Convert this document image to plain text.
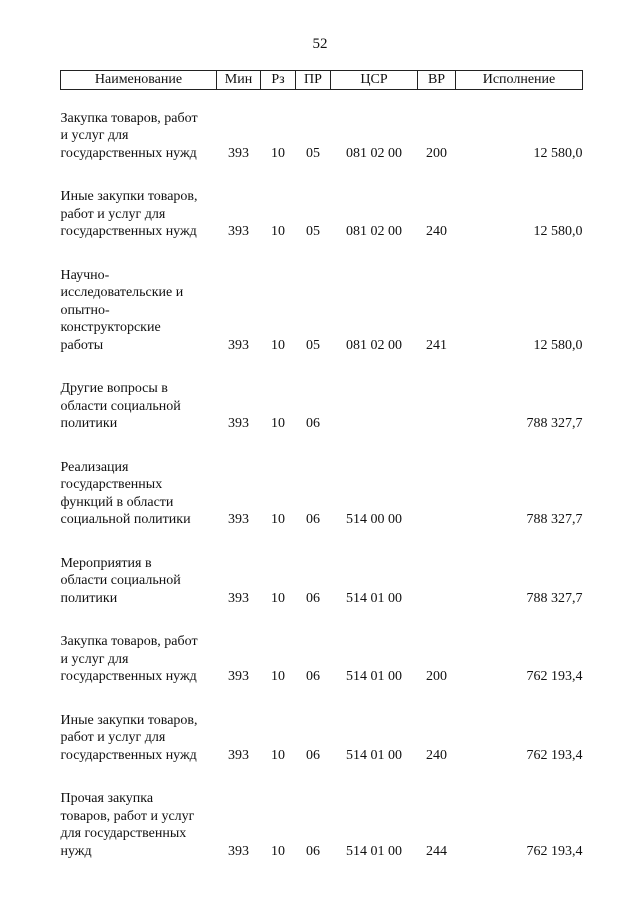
52
Наименование	Мин	Рз	ПР	ЦСР	ВР	Исполнение

Закупка товаров, работ
и услуг для
государственных нужд	393	10	05	081 02 00	200	12 580,0

Иные закупки товаров,
работ и услуг для
государственных нужд	393	10	05	081 02 00	240	12 580,0

Научно-
исследовательские и
опытно-
конструкторские
работы	393	10	05	081 02 00	241	12 580,0

Другие вопросы в
области социальной
политики	393	10	06			788 327,7

Реализация
государственных
функций в области
социальной политики	393	10	06	514 00 00		788 327,7

Мероприятия в
области социальной
политики	393	10	06	514 01 00		788 327,7

Закупка товаров, работ
и услуг для
государственных нужд	393	10	06	514 01 00	200	762 193,4

Иные закупки товаров,
работ и услуг для
государственных нужд	393	10	06	514 01 00	240	762 193,4

Прочая закупка
товаров, работ и услуг
для государственных
нужд	393	10	06	514 01 00	244	762 193,4
